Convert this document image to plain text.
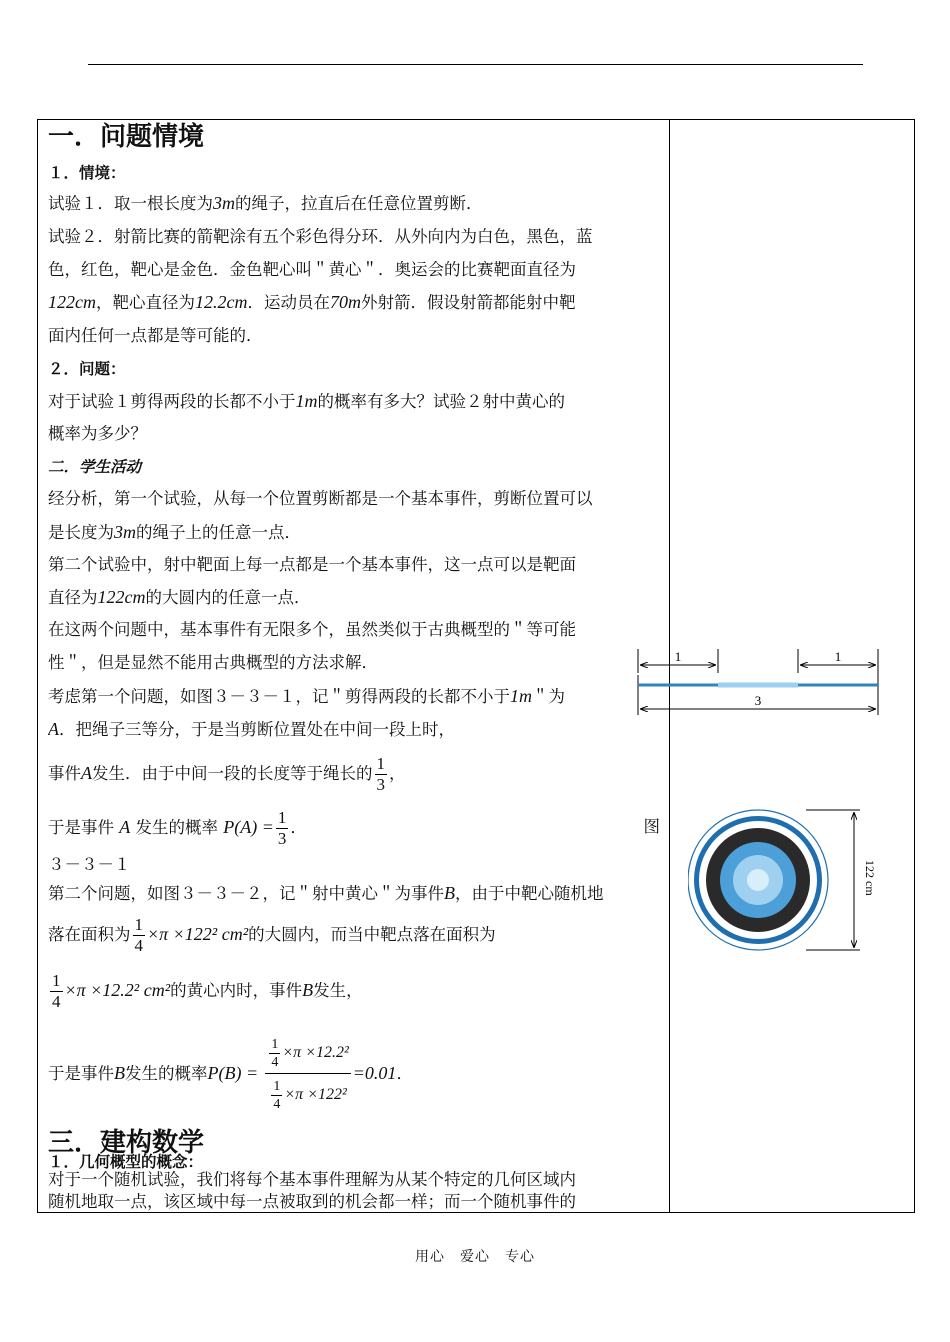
一．问题情境
１．情境：
试验１．取一根长度为3m的绳子，拉直后在任意位置剪断．
试验２．射箭比赛的箭靶涂有五个彩色得分环．从外向内为白色，黑色，蓝
色，红色，靶心是金色．金色靶心叫＂黄心＂．奥运会的比赛靶面直径为
122cm，靶心直径为12.2cm．运动员在70m外射箭．假设射箭都能射中靶
面内任何一点都是等可能的．
２．问题：
对于试验１剪得两段的长都不小于1m的概率有多大？试验２射中黄心的
概率为多少？
二．学生活动
经分析，第一个试验，从每一个位置剪断都是一个基本事件，剪断位置可以
是长度为3m的绳子上的任意一点．
第二个试验中，射中靶面上每一点都是一个基本事件，这一点可以是靶面
直径为122cm的大圆内的任意一点．
在这两个问题中，基本事件有无限多个，虽然类似于古典概型的＂等可能
性＂，但是显然不能用古典概型的方法求解．
考虑第一个问题，如图３－３－１，记＂剪得两段的长都不小于1m＂为
A．把绳子三等分，于是当剪断位置处在中间一段上时，
事件A发生．由于中间一段的长度等于绳长的 $\frac{1}{3}$ ，
于是事件 A 发生的概率 $P(A) = \frac{1}{3}$ ．	图
３－３－１
第二个问题，如图３－３－２，记＂射中黄心＂为事件B，由于中靶心随机地
落在面积为 $\frac{1}{4} \times\pi \times 122^2$ cm²的大圆内，而当中靶点落在面积为
$\frac{1}{4} \times\pi \times 12.2^2$ cm²的黄心内时，事件B发生，
于是事件B发生的概率$P(B) = \frac{\frac{1}{4} \times\pi \times 12.2^2}{\frac{1}{4} \times\pi \times 122^2} =0.01$．
三．建构数学
１．几何概型的概念：
对于一个随机试验，我们将每个基本事件理解为从某个特定的几何区域内
随机地取一点，该区域中每一点被取到的机会都一样；而一个随机事件的
1	1
3
122 cm
用心　爱心　专心
